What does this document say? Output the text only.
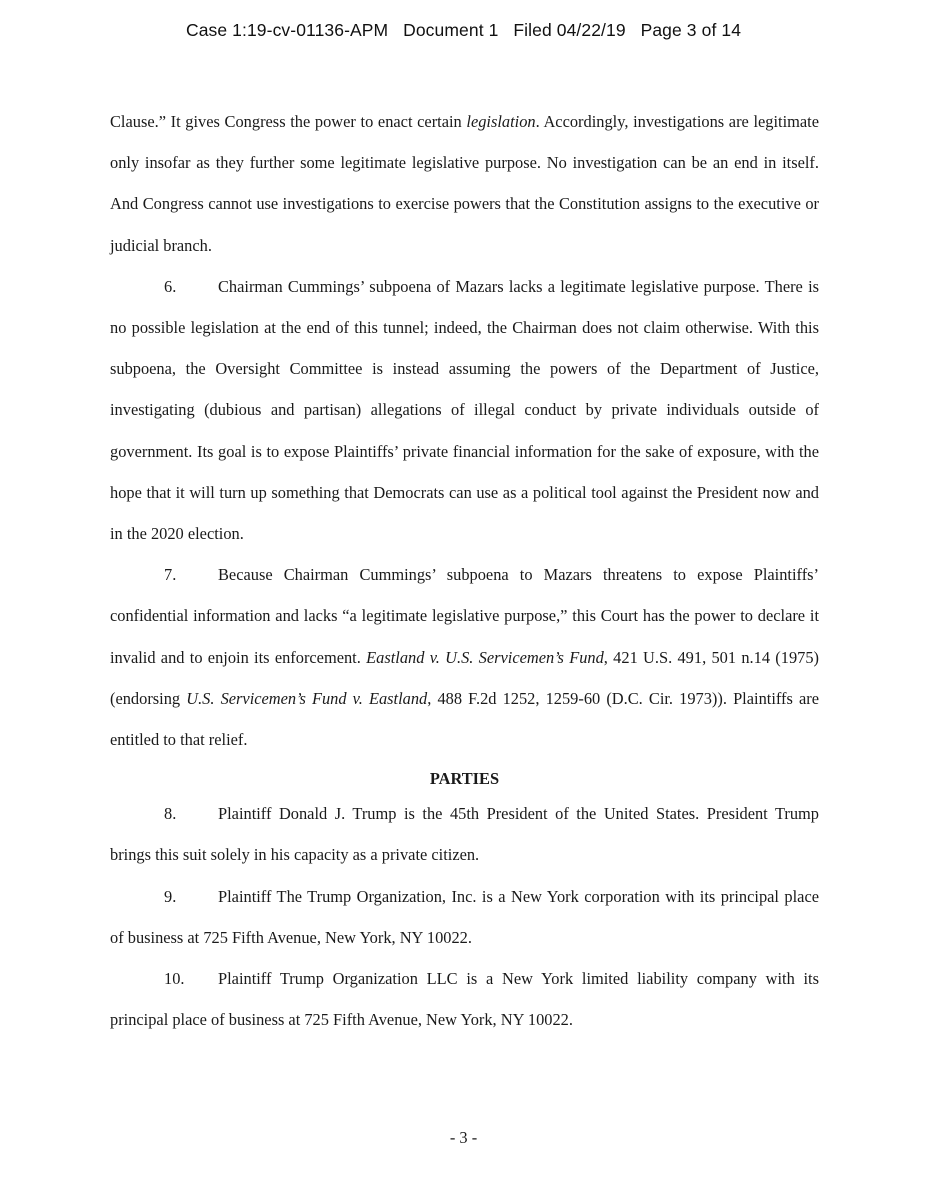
Case 1:19-cv-01136-APM Document 1 Filed 04/22/19 Page 3 of 14

Clause.” It gives Congress the power to enact certain legislation. Accordingly, investigations are legitimate only insofar as they further some legitimate legislative purpose. No investigation can be an end in itself. And Congress cannot use investigations to exercise powers that the Constitution assigns to the executive or judicial branch.

6.	Chairman Cummings’ subpoena of Mazars lacks a legitimate legislative purpose. There is no possible legislation at the end of this tunnel; indeed, the Chairman does not claim otherwise. With this subpoena, the Oversight Committee is instead assuming the powers of the Department of Justice, investigating (dubious and partisan) allegations of illegal conduct by private individuals outside of government. Its goal is to expose Plaintiffs’ private financial information for the sake of exposure, with the hope that it will turn up something that Democrats can use as a political tool against the President now and in the 2020 election.

7.	Because Chairman Cummings’ subpoena to Mazars threatens to expose Plaintiffs’ confidential information and lacks “a legitimate legislative purpose,” this Court has the power to declare it invalid and to enjoin its enforcement. Eastland v. U.S. Servicemen’s Fund, 421 U.S. 491, 501 n.14 (1975) (endorsing U.S. Servicemen’s Fund v. Eastland, 488 F.2d 1252, 1259-60 (D.C. Cir. 1973)). Plaintiffs are entitled to that relief.

PARTIES

8.	Plaintiff Donald J. Trump is the 45th President of the United States. President Trump brings this suit solely in his capacity as a private citizen.

9.	Plaintiff The Trump Organization, Inc. is a New York corporation with its principal place of business at 725 Fifth Avenue, New York, NY 10022.

10. Plaintiff Trump Organization LLC is a New York limited liability company with its principal place of business at 725 Fifth Avenue, New York, NY 10022.

- 3 -
